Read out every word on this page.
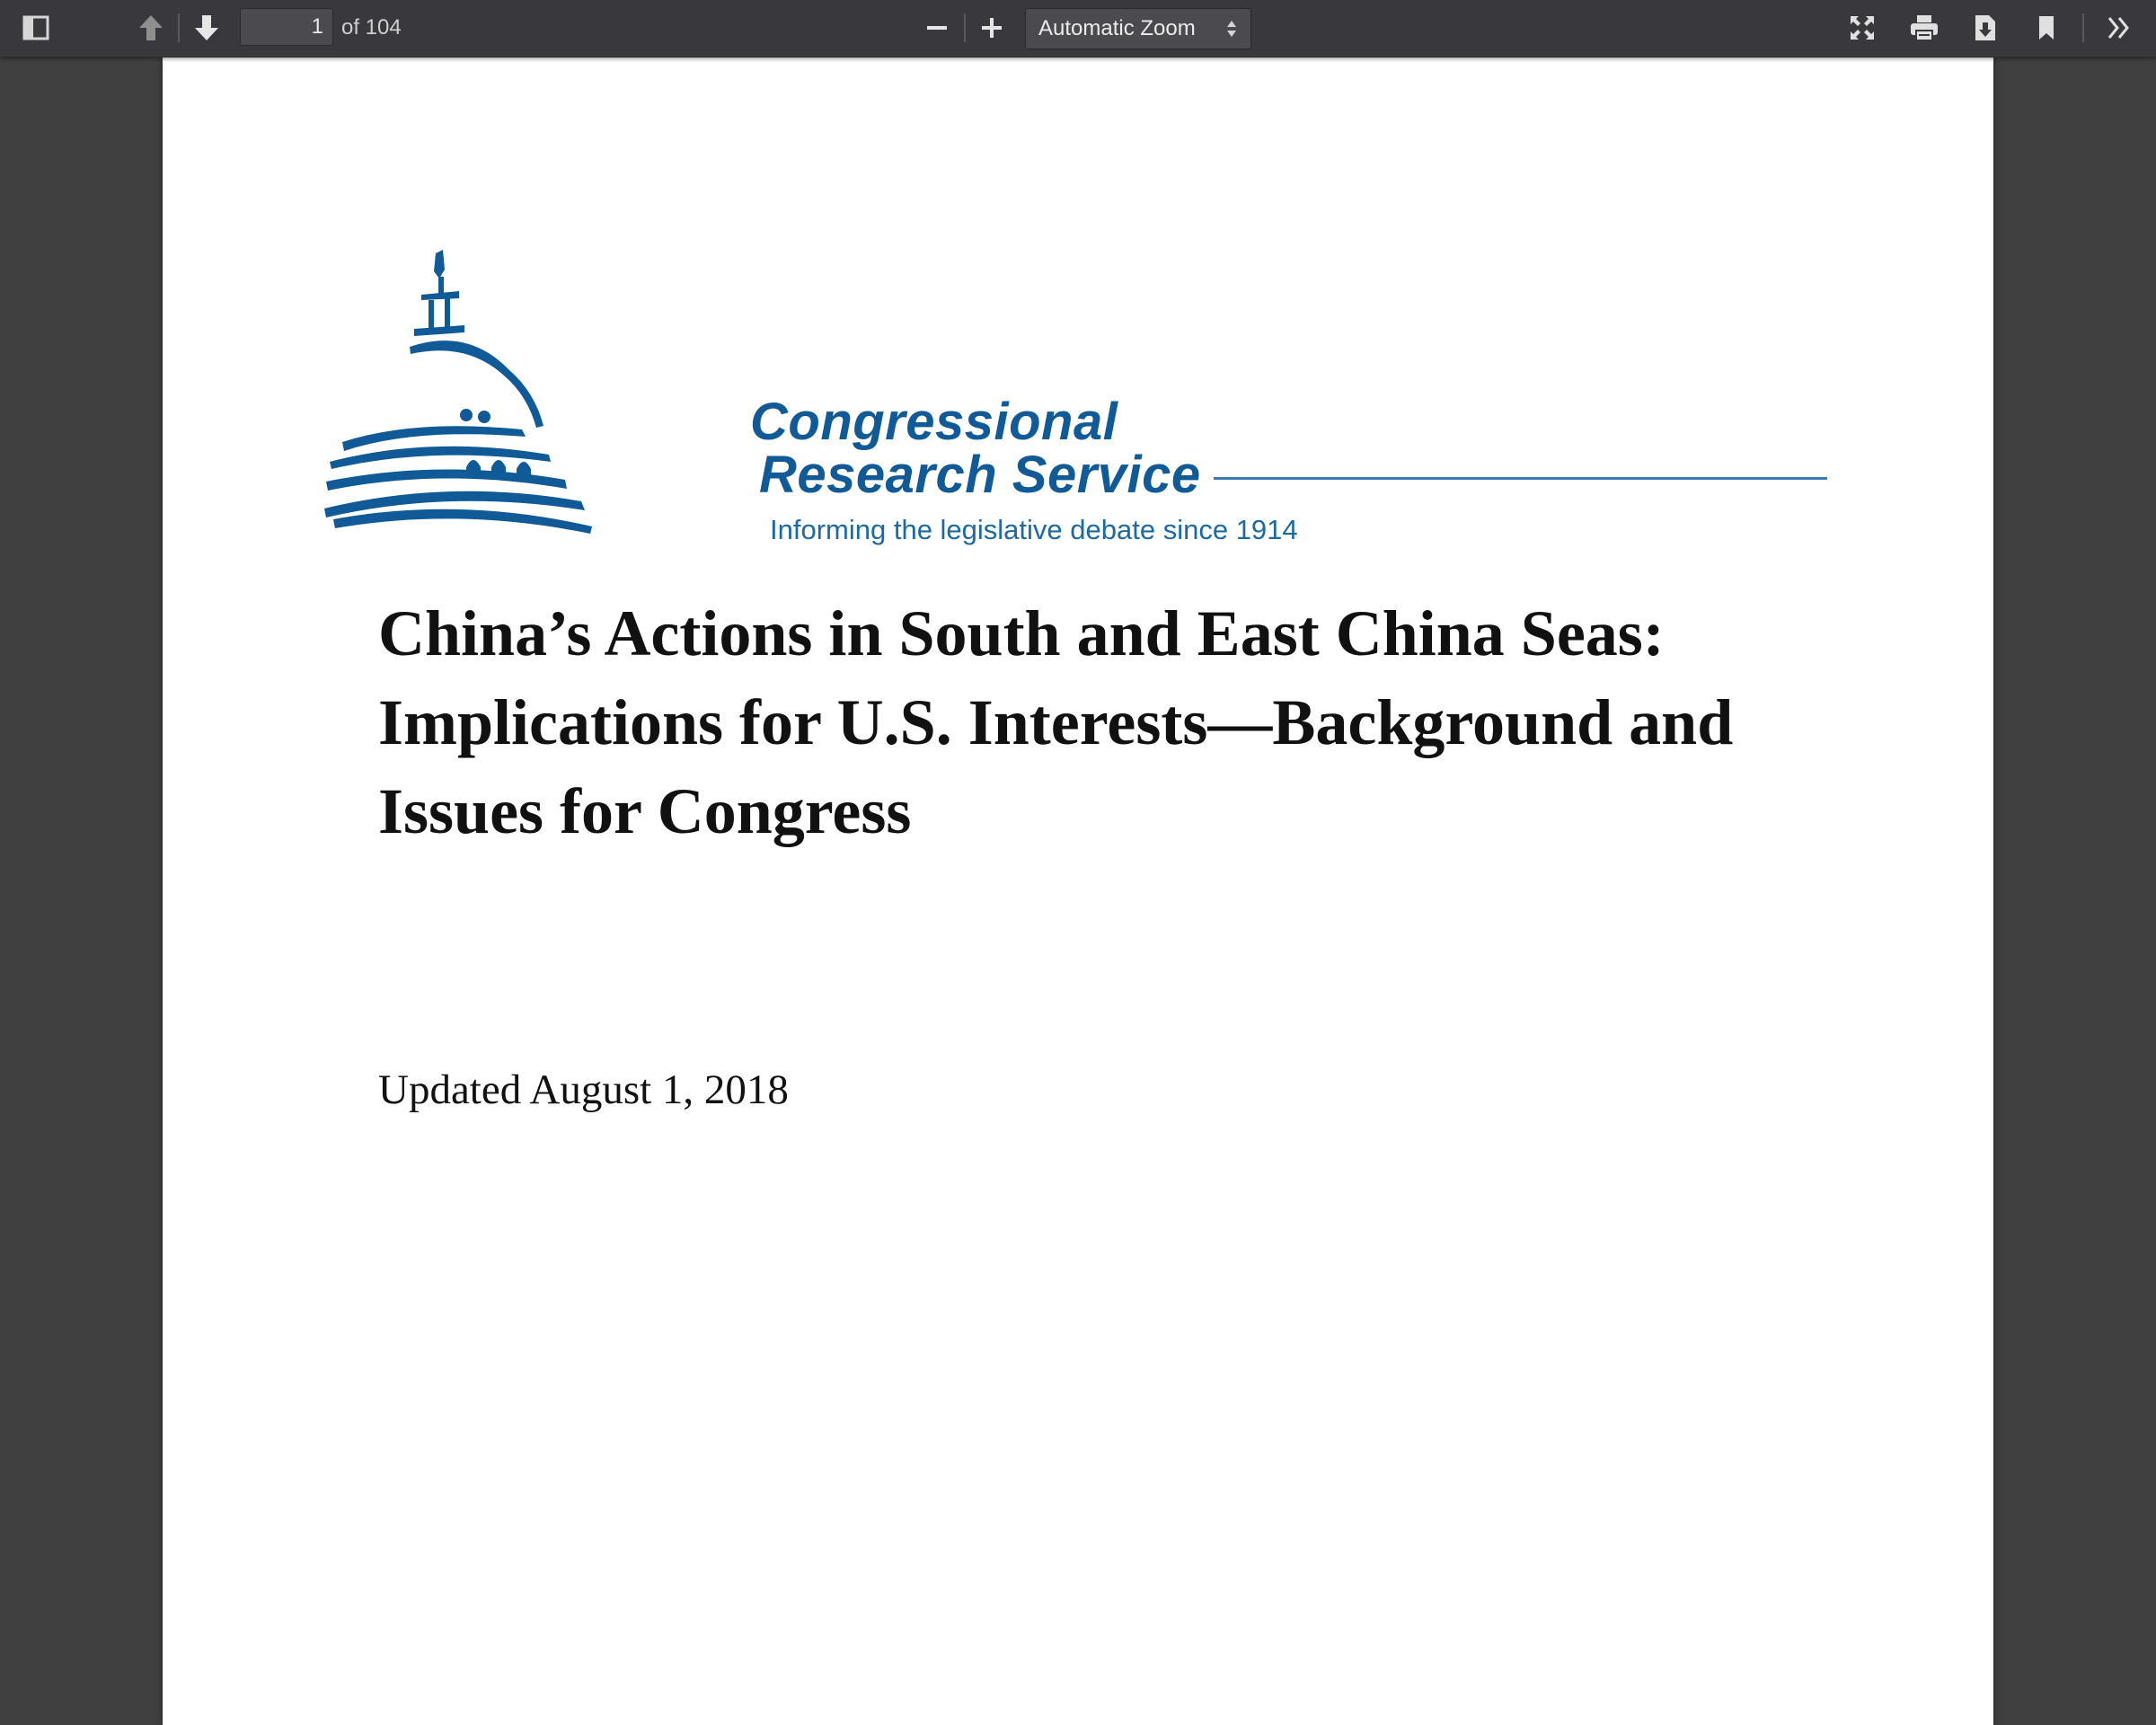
1
of 104	Automatic Zoom
Congressional
Research Service
Informing the legislative debate since 1914
China’s Actions in South and East China Seas: Implications for U.S. Interests—Background and Issues for Congress
Updated August 1, 2018
